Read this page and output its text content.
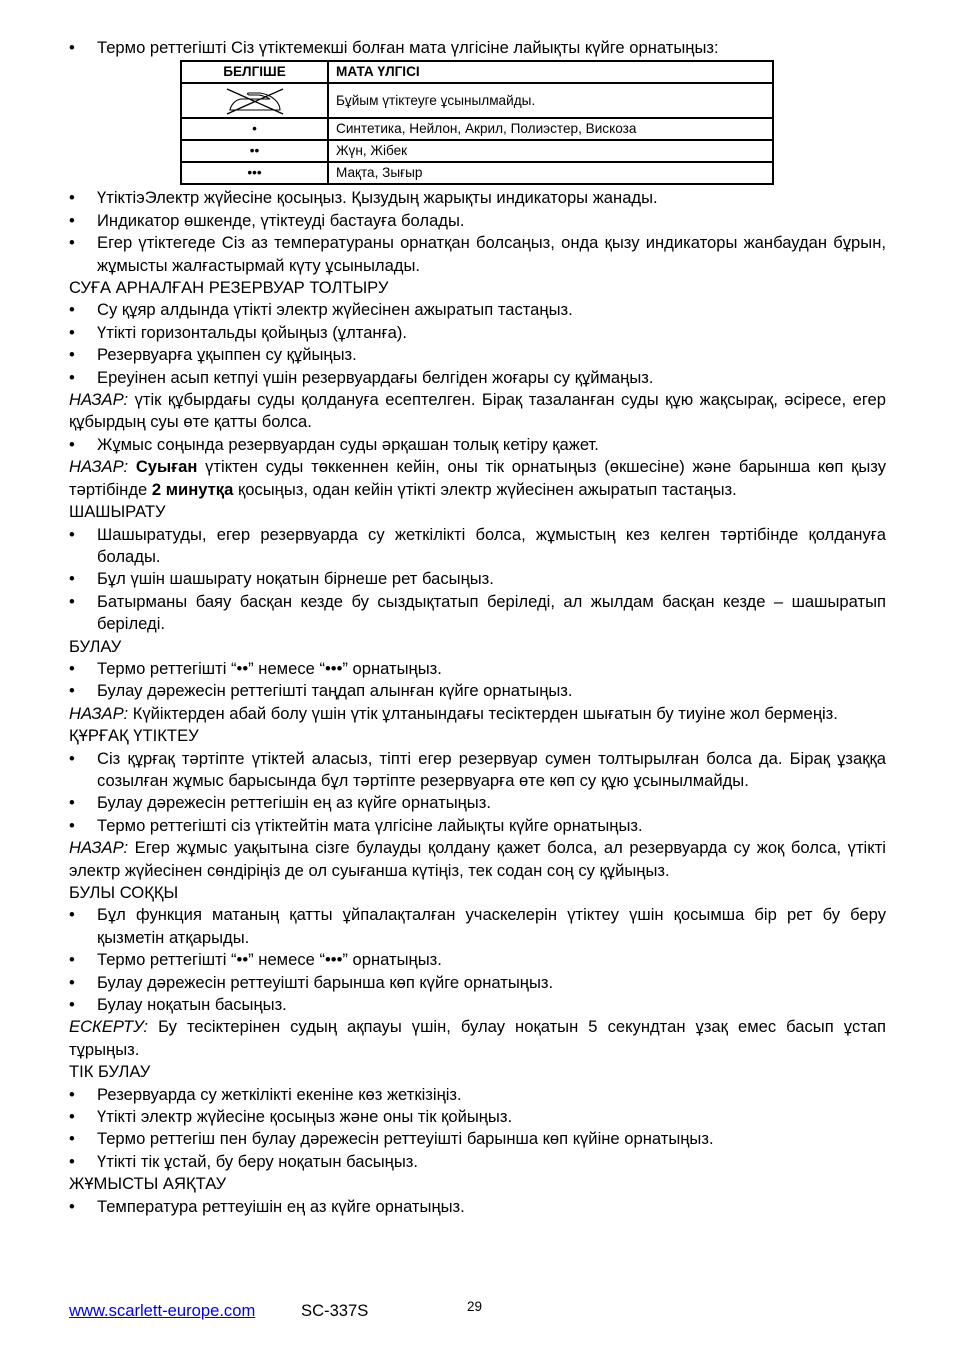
• Термо реттегішті Сіз үтіктемекші болған мата үлгісіне лайықты күйге орнатыңыз:
БЕЛГІШЕ	МАТА ҮЛГІСІ

	Бұйым үтіктеуге ұсынылмайды.
•	Синтетика, Нейлон, Акрил, Полиэстер, Вискоза
••	Жүн, Жібек
•••	Мақта, Зығыр
• ҮтіктіэЭлектр жүйесіне қосыңыз. Қызудың жарықты индикаторы жанады.
• Индикатор өшкенде, үтіктеуді бастауға болады.
• Егер үтіктегеде Сіз аз температураны орнатқан болсаңыз, онда қызу индикаторы жанбаудан бұрын, жұмысты жалғастырмай күту ұсынылады.
СУҒА АРНАЛҒАН РЕЗЕРВУАР ТОЛТЫРУ
• Су құяр алдында үтікті электр жүйесінен ажыратып тастаңыз.
• Үтікті горизонтальды қойыңыз (ұлтанға).
• Резервуарға ұқыппен су құйыңыз.
• Ереуінен асып кетпуі үшін резервуардағы белгіден жоғары су құймаңыз.
НАЗАР: үтік құбырдағы суды қолдануға есептелген. Бірақ тазаланған суды құю жақсырақ, әсіресе, егер құбырдың суы өте қатты болса.
• Жұмыс соңында резервуардан суды әрқашан толық кетіру қажет.
НАЗАР: Суыған үтіктен суды төккеннен кейін, оны тік орнатыңыз (өкшесіне) және барынша көп қызу тәртібінде 2 минутқа қосыңыз, одан кейін үтікті электр жүйесінен ажыратып тастаңыз.
ШАШЫРАТУ
• Шашыратуды, егер резервуарда су жеткілікті болса, жұмыстың кез келген тәртібінде қолдануға болады.
• Бұл үшін шашырату ноқатын бірнеше рет басыңыз.
• Батырманы баяу басқан кезде бу сыздықтатып беріледі, ал жылдам басқан кезде – шашыратып беріледі.
БУЛАУ
• Термо реттегішті “••” немесе “•••” орнатыңыз.
• Булау дәрежесін реттегішті таңдап алынған күйге орнатыңыз.
НАЗАР: Күйіктерден абай болу үшін үтік ұлтанындағы тесіктерден шығатын бу тиуіне жол бермеңіз.
ҚҰРҒАҚ ҮТІКТЕУ
• Сіз құрғақ тәртіпте үтіктей аласыз, тіпті егер резервуар сумен толтырылған болса да. Бірақ ұзаққа созылған жұмыс барысында бұл тәртіпте резервуарға өте көп су құю ұсынылмайды.
• Булау дәрежесін реттегішін ең аз күйге орнатыңыз.
• Термо реттегішті сіз үтіктейтін мата үлгісіне лайықты күйге орнатыңыз.
НАЗАР: Егер жұмыс уақытына сізге булауды қолдану қажет болса, ал резервуарда су жоқ болса, үтікті электр жүйесінен сөндіріңіз де ол суығанша күтіңіз, тек содан соң су құйыңыз.
БУЛЫ СОҚҚЫ
• Бұл функция матаның қатты ұйпалақталған учаскелерін үтіктеу үшін қосымша бір рет бу беру қызметін атқарыды.
• Термо реттегішті “••” немесе “•••” орнатыңыз.
• Булау дәрежесін реттеуішті барынша көп күйге орнатыңыз.
• Булау ноқатын басыңыз.
ЕСКЕРТУ: Бу тесіктерінен судың ақпауы үшін, булау ноқатын 5 секундтан ұзақ емес басып ұстап тұрыңыз.
ТІК БУЛАУ
• Резервуарда су жеткілікті екеніне көз жеткізіңіз.
• Үтікті электр жүйесіне қосыңыз және оны тік қойыңыз.
• Термо реттегіш пен булау дәрежесін реттеуішті барынша көп күйіне орнатыңыз.
• Үтікті тік ұстай, бу беру ноқатын басыңыз.
ЖҰМЫСТЫ АЯҚТАУ
• Температура реттеуішін ең аз күйге орнатыңыз.
www.scarlett-europe.com	SC-337S	29
